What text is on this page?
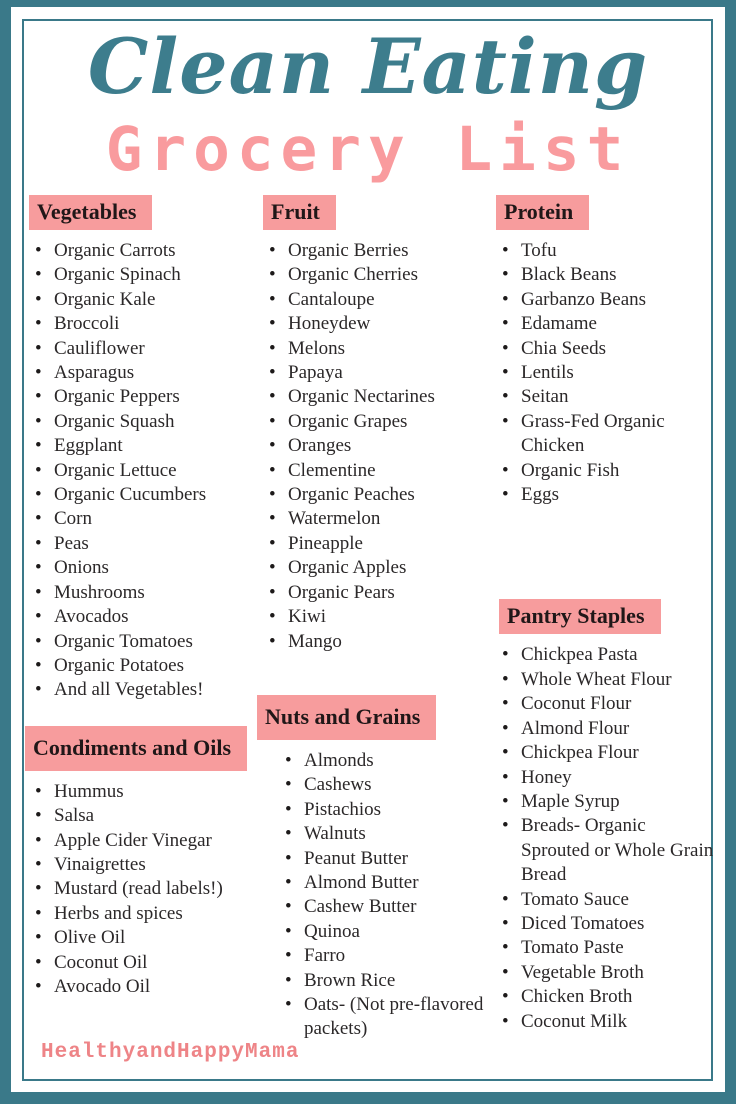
Clean Eating
Grocery List
Vegetables
• Organic Carrots
• Organic Spinach
• Organic Kale
• Broccoli
• Cauliflower
• Asparagus
• Organic Peppers
• Organic Squash
• Eggplant
• Organic Lettuce
• Organic Cucumbers
• Corn
• Peas
• Onions
• Mushrooms
• Avocados
• Organic Tomatoes
• Organic Potatoes
• And all Vegetables!
Condiments and Oils
• Hummus
• Salsa
• Apple Cider Vinegar
• Vinaigrettes
• Mustard (read labels!)
• Herbs and spices
• Olive Oil
• Coconut Oil
• Avocado Oil
Fruit
• Organic Berries
• Organic Cherries
• Cantaloupe
• Honeydew
• Melons
• Papaya
• Organic Nectarines
• Organic Grapes
• Oranges
• Clementine
• Organic Peaches
• Watermelon
• Pineapple
• Organic Apples
• Organic Pears
• Kiwi
• Mango
Nuts and Grains
• Almonds
• Cashews
• Pistachios
• Walnuts
• Peanut Butter
• Almond Butter
• Cashew Butter
• Quinoa
• Farro
• Brown Rice
• Oats- (Not pre-flavored packets)
Protein
• Tofu
• Black Beans
• Garbanzo Beans
• Edamame
• Chia Seeds
• Lentils
• Seitan
• Grass-Fed Organic Chicken
• Organic Fish
• Eggs
Pantry Staples
• Chickpea Pasta
• Whole Wheat Flour
• Coconut Flour
• Almond Flour
• Chickpea Flour
• Honey
• Maple Syrup
• Breads- Organic Sprouted or Whole Grain Bread
• Tomato Sauce
• Diced Tomatoes
• Tomato Paste
• Vegetable Broth
• Chicken Broth
• Coconut Milk
HealthyandHappyMama
